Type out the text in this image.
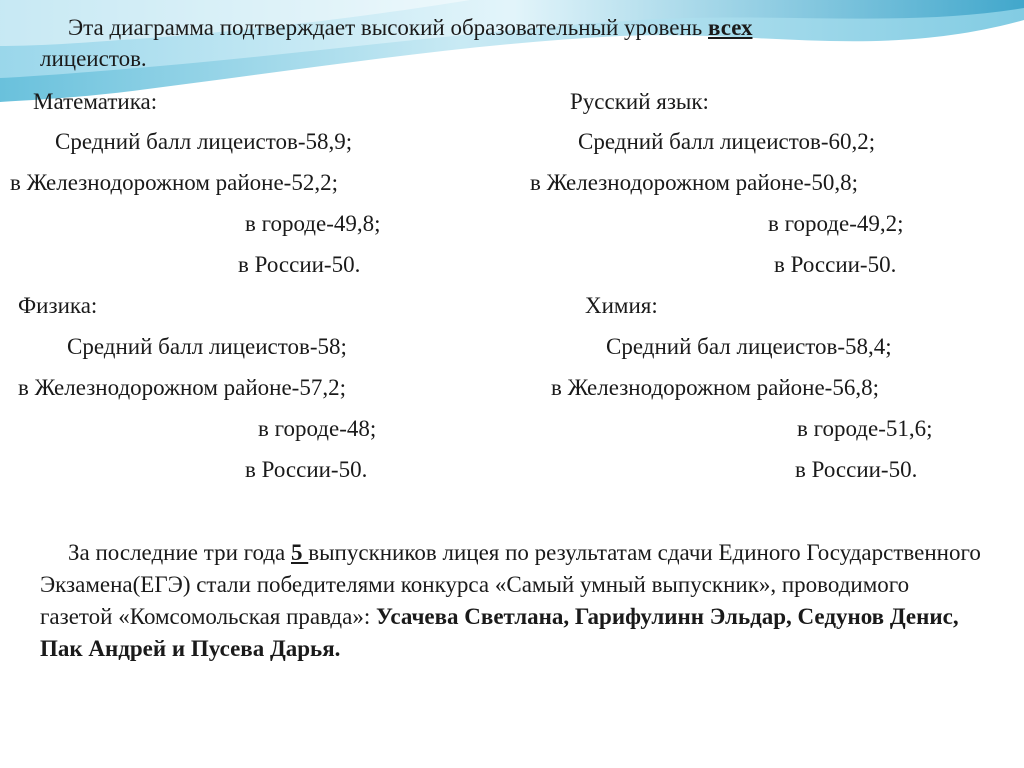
Эта диаграмма подтверждает высокий образовательный уровень всех
лицеистов.
Математика:
Средний балл лицеистов-58,9;
в Железнодорожном районе-52,2;
в городе-49,8;
в России-50.
Русский язык:
Средний балл лицеистов-60,2;
в Железнодорожном районе-50,8;
в городе-49,2;
в России-50.
Физика:
Средний балл лицеистов-58;
в Железнодорожном районе-57,2;
в городе-48;
в России-50.
Химия:
Средний бал лицеистов-58,4;
в Железнодорожном районе-56,8;
в городе-51,6;
в России-50.
За последние три года 5 выпускников лицея по результатам сдачи Единого Государственного Экзамена(ЕГЭ) стали победителями конкурса «Самый умный выпускник», проводимого газетой «Комсомольская правда»: Усачева Светлана, Гарифулинн Эльдар, Седунов Денис, Пак Андрей и Пусева Дарья.
